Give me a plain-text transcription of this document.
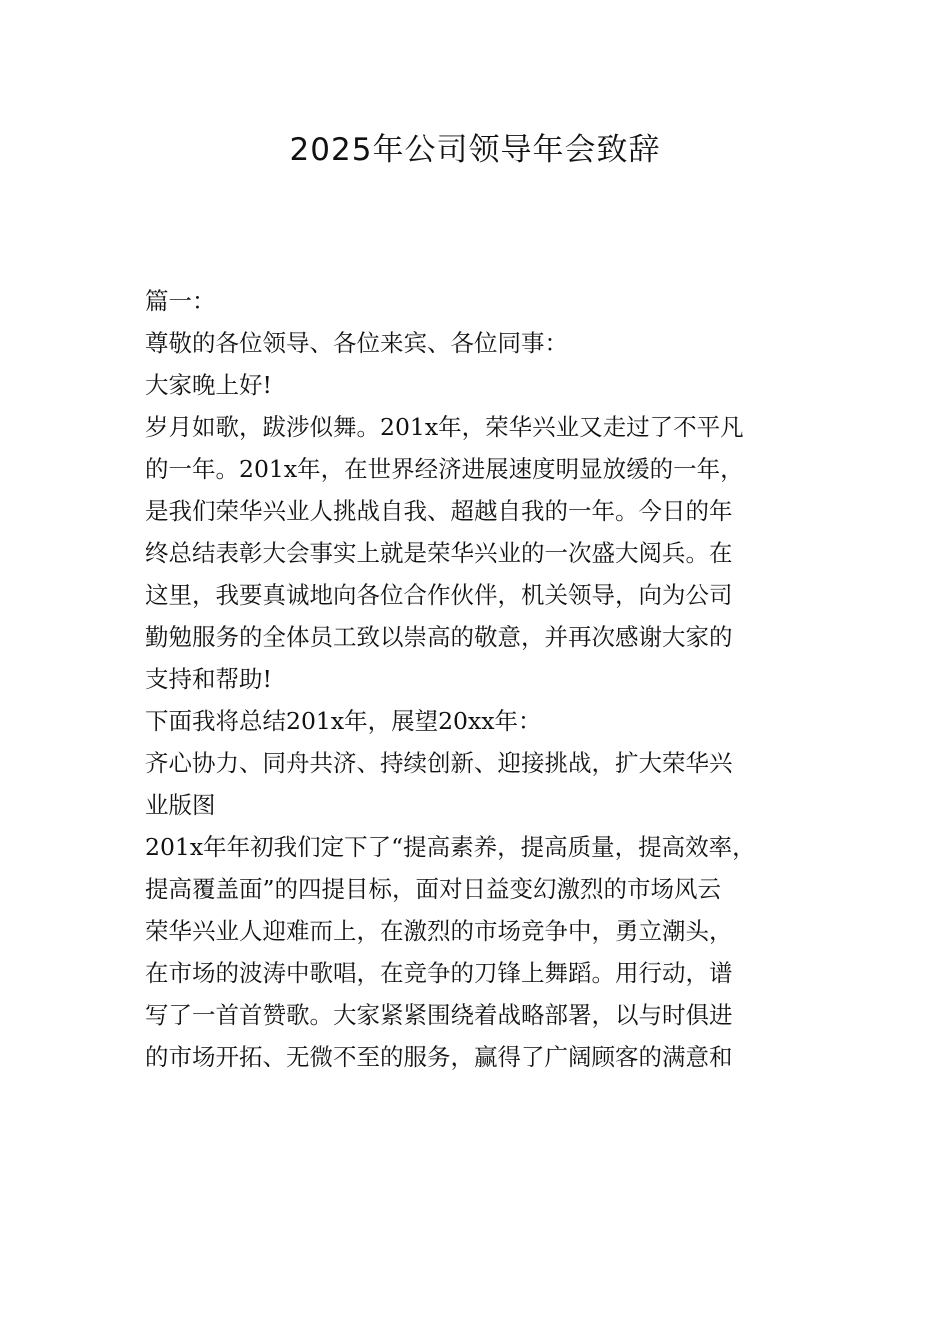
2025年公司领导年会致辞
篇一：
尊敬的各位领导、各位来宾、各位同事：
大家晚上好!
岁月如歌，跋涉似舞。201x年，荣华兴业又走过了不平凡
的一年。201x年，在世界经济进展速度明显放缓的一年，
是我们荣华兴业人挑战自我、超越自我的一年。今日的年
终总结表彰大会事实上就是荣华兴业的一次盛大阅兵。在
这里，我要真诚地向各位合作伙伴，机关领导，向为公司
勤勉服务的全体员工致以崇高的敬意，并再次感谢大家的
支持和帮助!
下面我将总结201x年，展望20xx年：
齐心协力、同舟共济、持续创新、迎接挑战，扩大荣华兴
业版图
201x年年初我们定下了“提高素养，提高质量，提高效率，
提高覆盖面”的四提目标，面对日益变幻激烈的市场风云
荣华兴业人迎难而上，在激烈的市场竞争中，勇立潮头，
在市场的波涛中歌唱，在竞争的刀锋上舞蹈。用行动，谱
写了一首首赞歌。大家紧紧围绕着战略部署，以与时俱进
的市场开拓、无微不至的服务，赢得了广阔顾客的满意和
